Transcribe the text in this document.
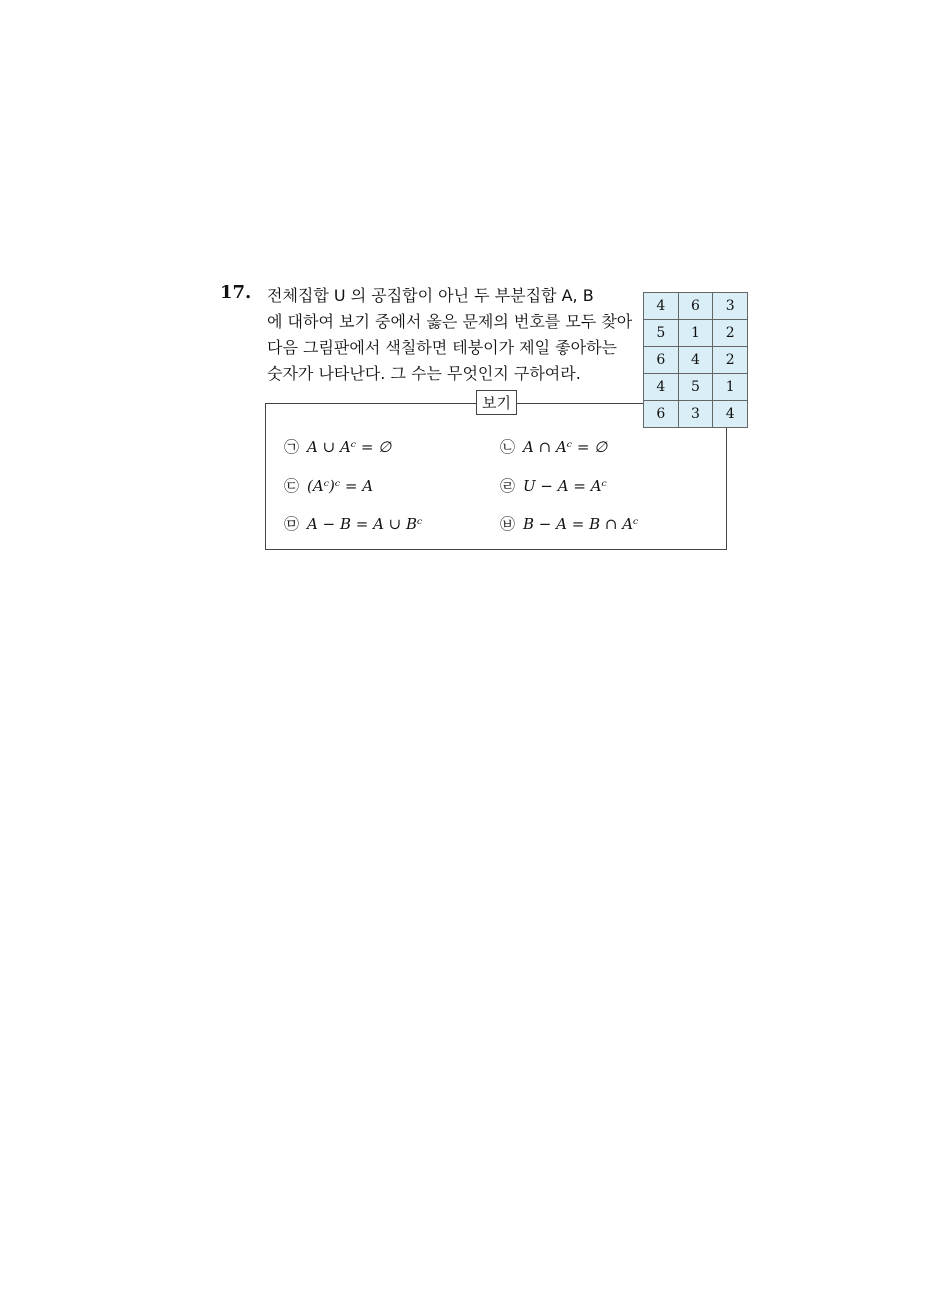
17. 전체집합 U 의 공집합이 아닌 두 부분집합 A, B
에 대하여 보기 중에서 옳은 문제의 번호를 모두 찾아
다음 그림판에서 색칠하면 테붕이가 제일 좋아하는
숫자가 나타난다. 그 수는 무엇인지 구하여라.
보기
㉠ A ∪ Aᶜ = ∅	㉡ A ∩ Aᶜ = ∅
㉢ (Aᶜ)ᶜ = A	㉣ U − A = Aᶜ
㉤ A − B = A ∪ Bᶜ	㉥ B − A = B ∩ Aᶜ
4	6	3
5	1	2
6	4	2
4	5	1
6	3	4
